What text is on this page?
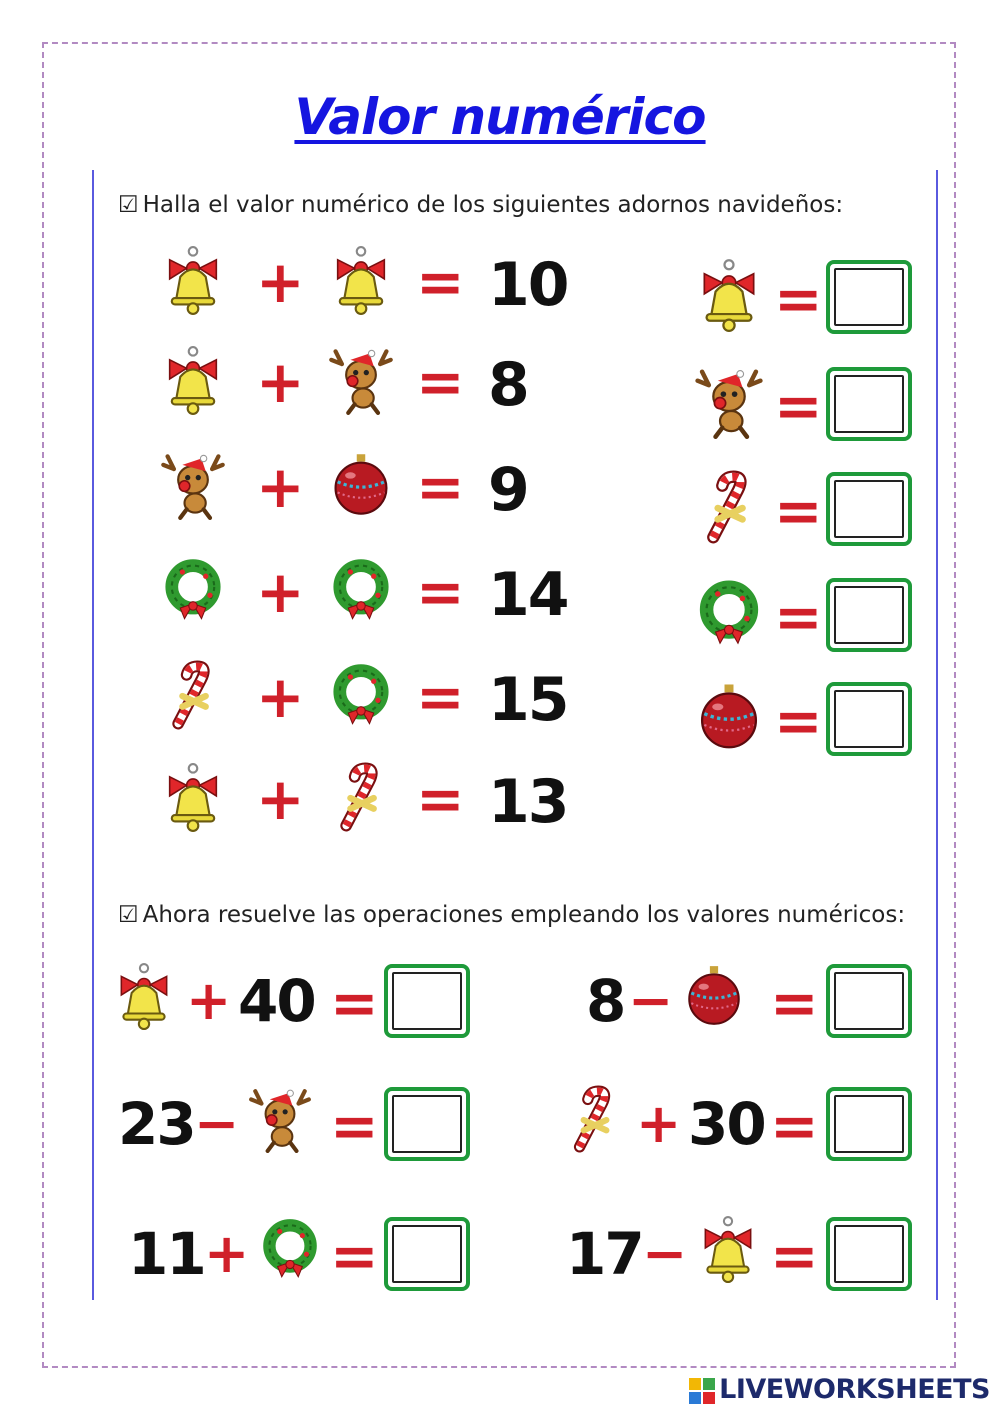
Valor numérico
☑ Halla el valor numérico de los siguientes adornos navideños:
☑ Ahora resuelve las operaciones empleando los valores numéricos:
+ = 10
+ = 8
+ = 9
+ = 14
+ = 15
+ = 13
=
=
=
=
=
+ 40 =
23 − =
11 + =
8 − =
+ 30 =
17 − =
LIVEWORKSHEETS
